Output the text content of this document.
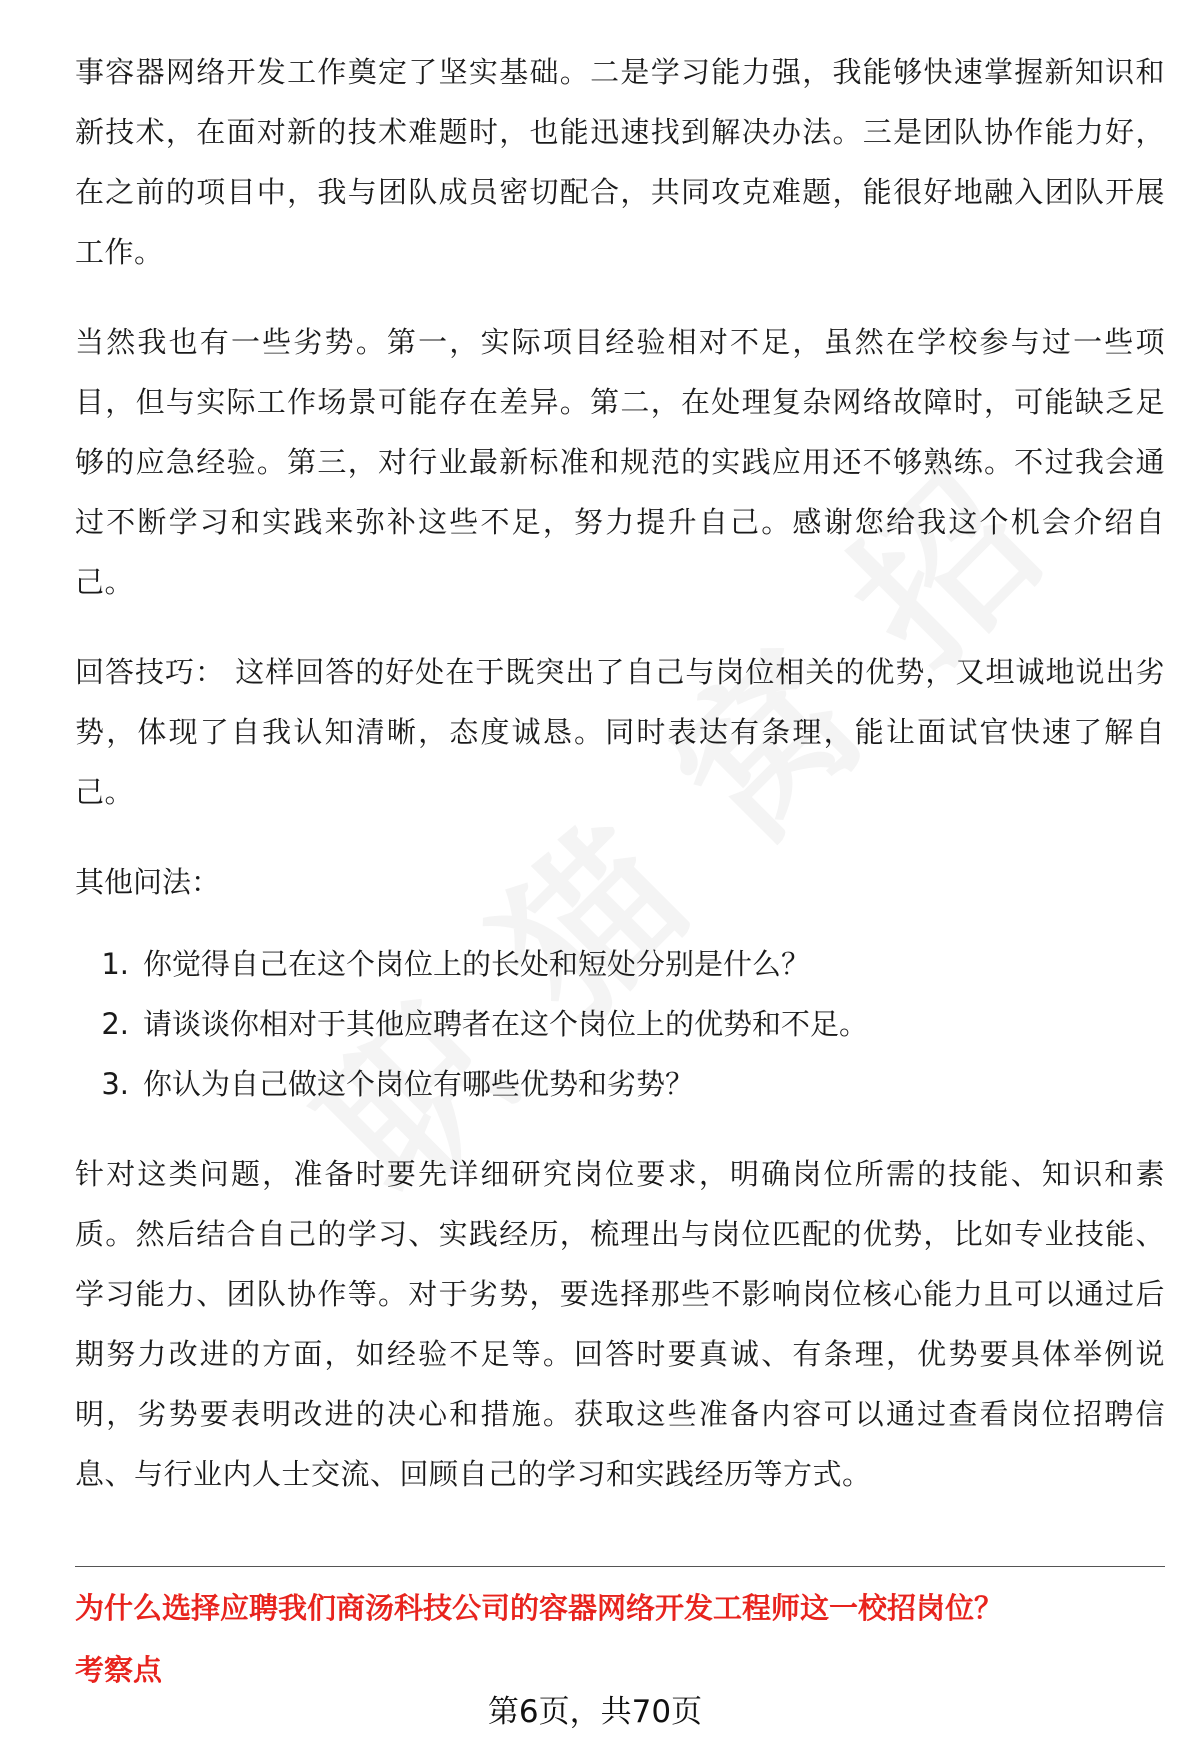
事容器网络开发工作奠定了坚实基础。二是学习能力强，我能够快速掌握新知识和新技术，在面对新的技术难题时，也能迅速找到解决办法。三是团队协作能力好，在之前的项目中，我与团队成员密切配合，共同攻克难题，能很好地融入团队开展工作。

当然我也有一些劣势。第一，实际项目经验相对不足，虽然在学校参与过一些项目，但与实际工作场景可能存在差异。第二，在处理复杂网络故障时，可能缺乏足够的应急经验。第三，对行业最新标准和规范的实践应用还不够熟练。不过我会通过不断学习和实践来弥补这些不足，努力提升自己。感谢您给我这个机会介绍自己。

回答技巧： 这样回答的好处在于既突出了自己与岗位相关的优势，又坦诚地说出劣势，体现了自我认知清晰，态度诚恳。同时表达有条理，能让面试官快速了解自己。

其他问法：

1. 你觉得自己在这个岗位上的长处和短处分别是什么？
2. 请谈谈你相对于其他应聘者在这个岗位上的优势和不足。
3. 你认为自己做这个岗位有哪些优势和劣势？

针对这类问题，准备时要先详细研究岗位要求，明确岗位所需的技能、知识和素质。然后结合自己的学习、实践经历，梳理出与岗位匹配的优势，比如专业技能、学习能力、团队协作等。对于劣势，要选择那些不影响岗位核心能力且可以通过后期努力改进的方面，如经验不足等。回答时要真诚、有条理，优势要具体举例说明，劣势要表明改进的决心和措施。获取这些准备内容可以通过查看岗位招聘信息、与行业内人士交流、回顾自己的学习和实践经历等方式。

为什么选择应聘我们商汤科技公司的容器网络开发工程师这一校招岗位？
考察点
第6页，共70页
